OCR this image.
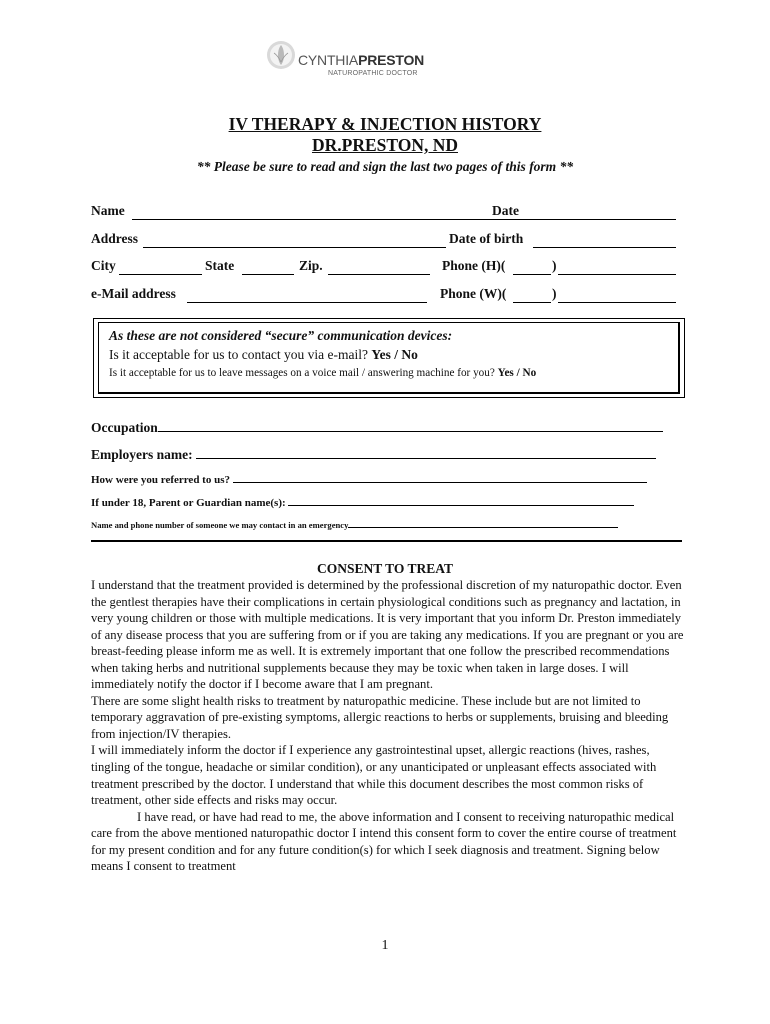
CYNTHIAPRESTON
NATUROPATHIC DOCTOR
IV THERAPY & INJECTION HISTORY
DR.PRESTON, ND
** Please be sure to read and sign the last two pages of this form **
Name	Date
Address	Date of birth
City	State	Zip.	Phone (H)(	)
e-Mail address	Phone (W)(	)
As these are not considered “secure” communication devices:
Is it acceptable for us to contact you via e-mail? Yes / No
Is it acceptable for us to leave messages on a voice mail / answering machine for you? Yes / No
Occupation
Employers name:
How were you referred to us?
If under 18, Parent or Guardian name(s):
Name and phone number of someone we may contact in an emergency
CONSENT TO TREAT

I understand that the treatment provided is determined by the professional discretion of my naturopathic doctor. Even the gentlest therapies have their complications in certain physiological conditions such as pregnancy and lactation, in very young children or those with multiple medications. It is very important that you inform Dr. Preston immediately of any disease process that you are suffering from or if you are taking any medications. If you are pregnant or you are breast-feeding please inform me as well. It is extremely important that one follow the prescribed recommendations when taking herbs and nutritional supplements because they may be toxic when taken in large doses. I will immediately notify the doctor if I become aware that I am pregnant.

There are some slight health risks to treatment by naturopathic medicine. These include but are not limited to temporary aggravation of pre-existing symptoms, allergic reactions to herbs or supplements, bruising and bleeding from injection/IV therapies.

I will immediately inform the doctor if I experience any gastrointestinal upset, allergic reactions (hives, rashes, tingling of the tongue, headache or similar condition), or any unanticipated or unpleasant effects associated with treatment prescribed by the doctor. I understand that while this document describes the most common risks of treatment, other side effects and risks may occur.

I have read, or have had read to me, the above information and I consent to receiving naturopathic medical care from the above mentioned naturopathic doctor I intend this consent form to cover the entire course of treatment for my present condition and for any future condition(s) for which I seek diagnosis and treatment. Signing below means I consent to treatment

1
